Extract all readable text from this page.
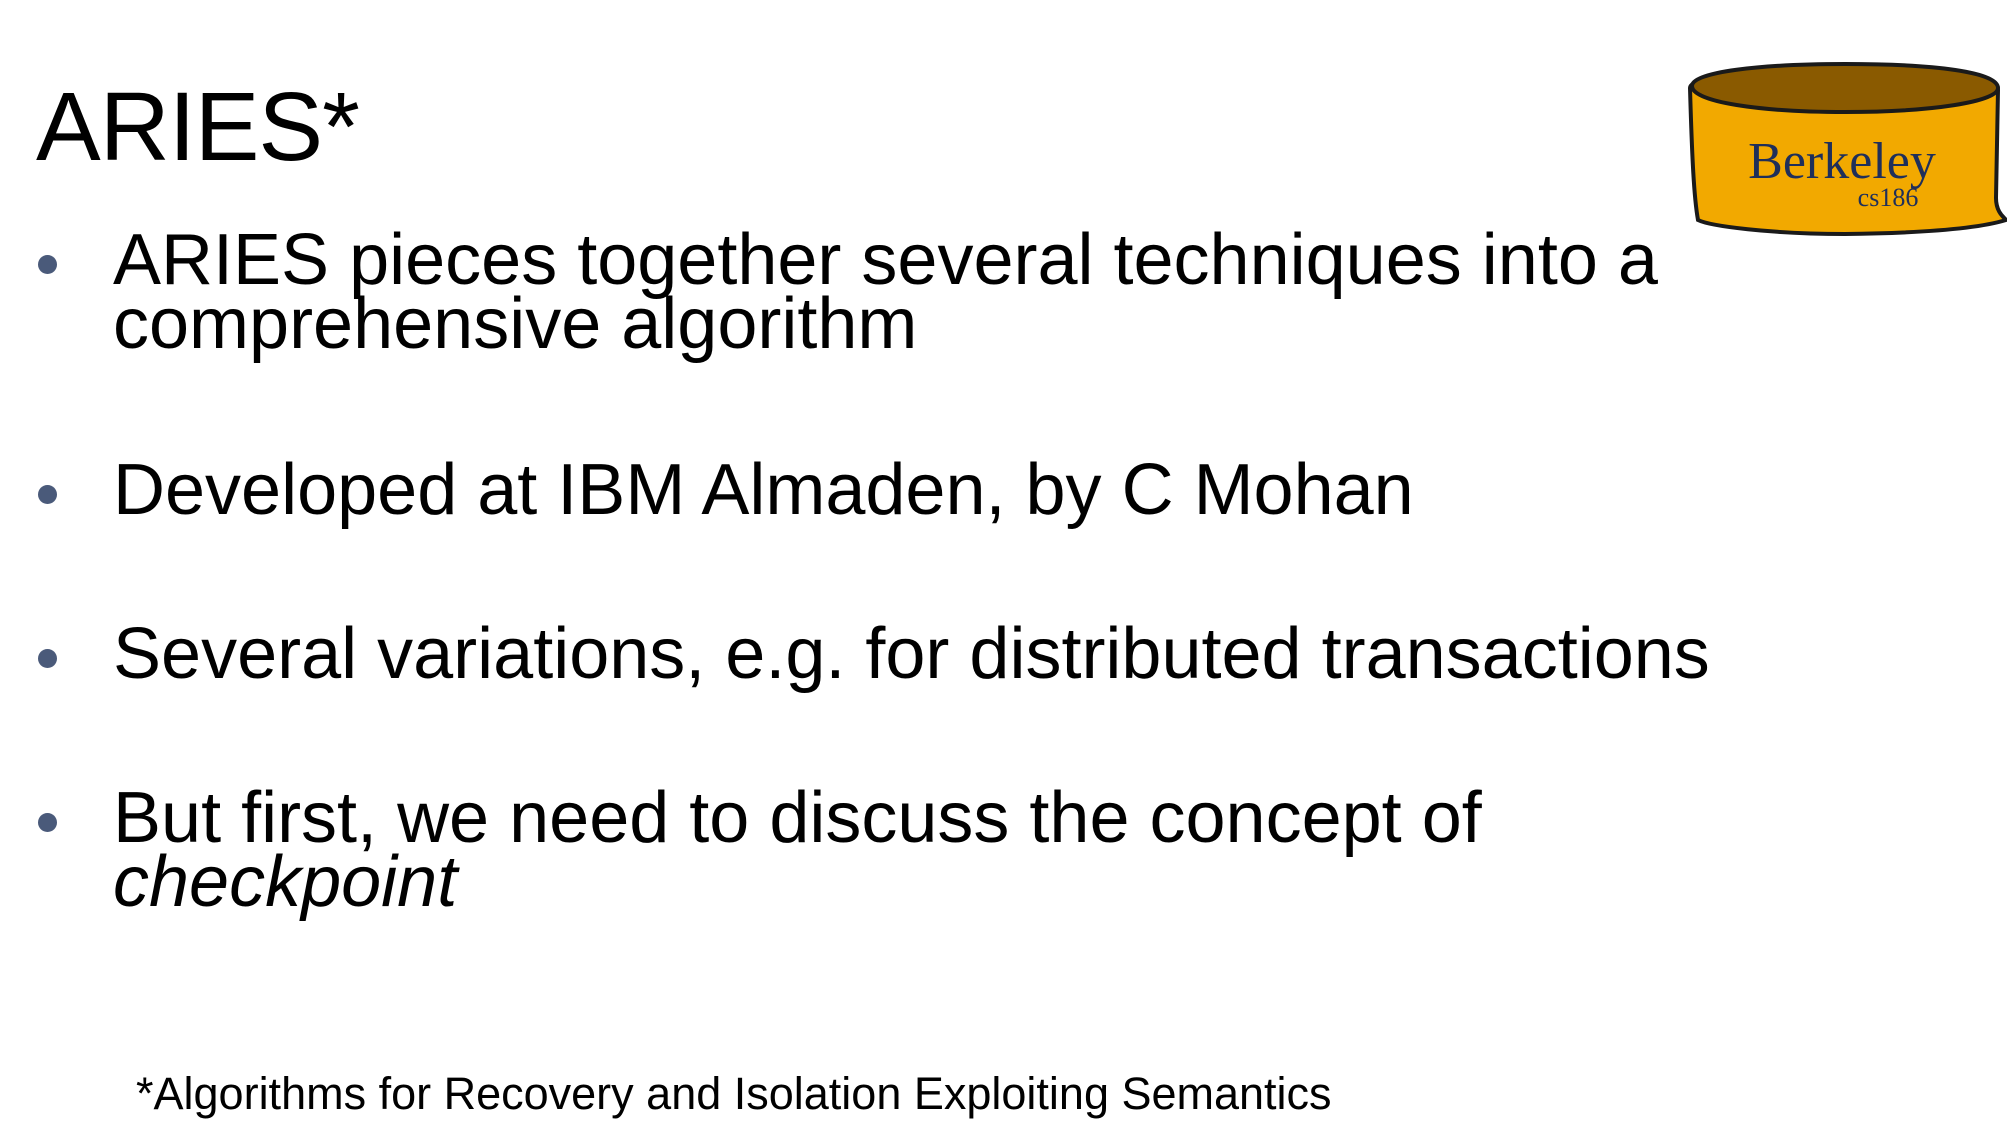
ARIES*	Berkeley
cs186
ARIES pieces together several techniques into a
comprehensive algorithm
Developed at IBM Almaden, by C Mohan
Several variations, e.g. for distributed transactions
But first, we need to discuss the concept of
checkpoint
*Algorithms for Recovery and Isolation Exploiting Semantics
